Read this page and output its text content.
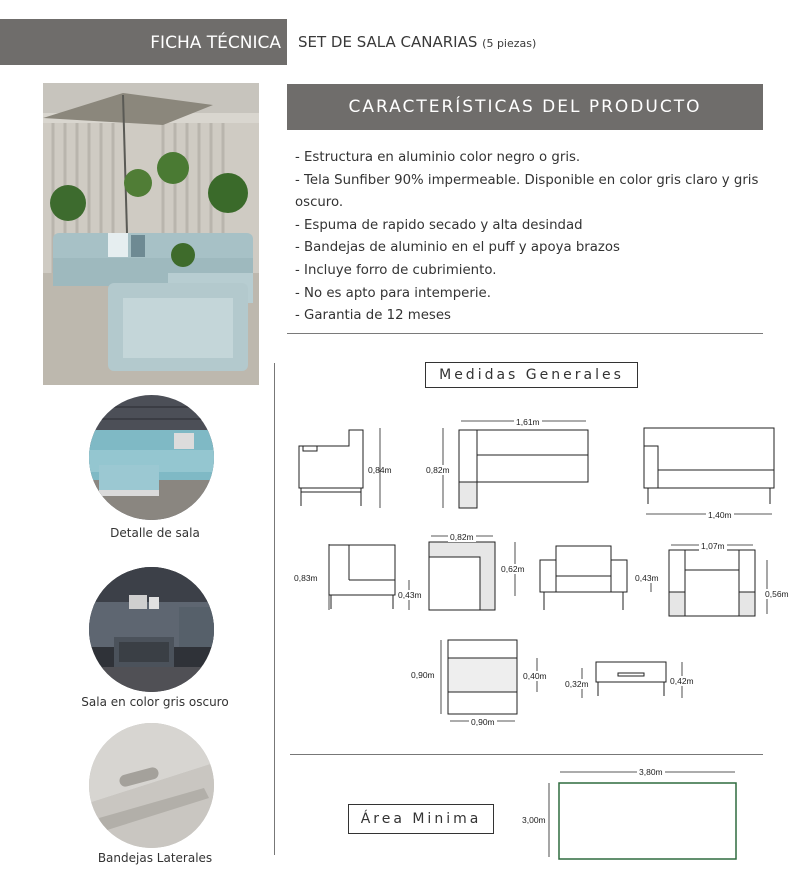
FICHA TÉCNICA SET DE SALA CANARIAS (5 piezas)
CARACTERÍSTICAS DEL PRODUCTO
- Estructura en aluminio color negro o gris.
- Tela Sunfiber 90% impermeable. Disponible en color gris claro y gris oscuro.
- Espuma de rapido secado y alta desindad
- Bandejas de aluminio en el puff y apoya brazos
- Incluye forro de cubrimiento.
- No es apto para intemperie.
- Garantia de 12 meses
Detalle de sala
Sala en color gris oscuro
Bandejas Laterales
Medidas Generales
0,84m
1,61m
0,82m
1,40m
0,83m
0,43m
0,82m
0,62m
0,43m
1,07m
0,56m
0,90m	0,40m
0,90m
0,32m	0,42m
Área Minima
3,80m
3,00m
